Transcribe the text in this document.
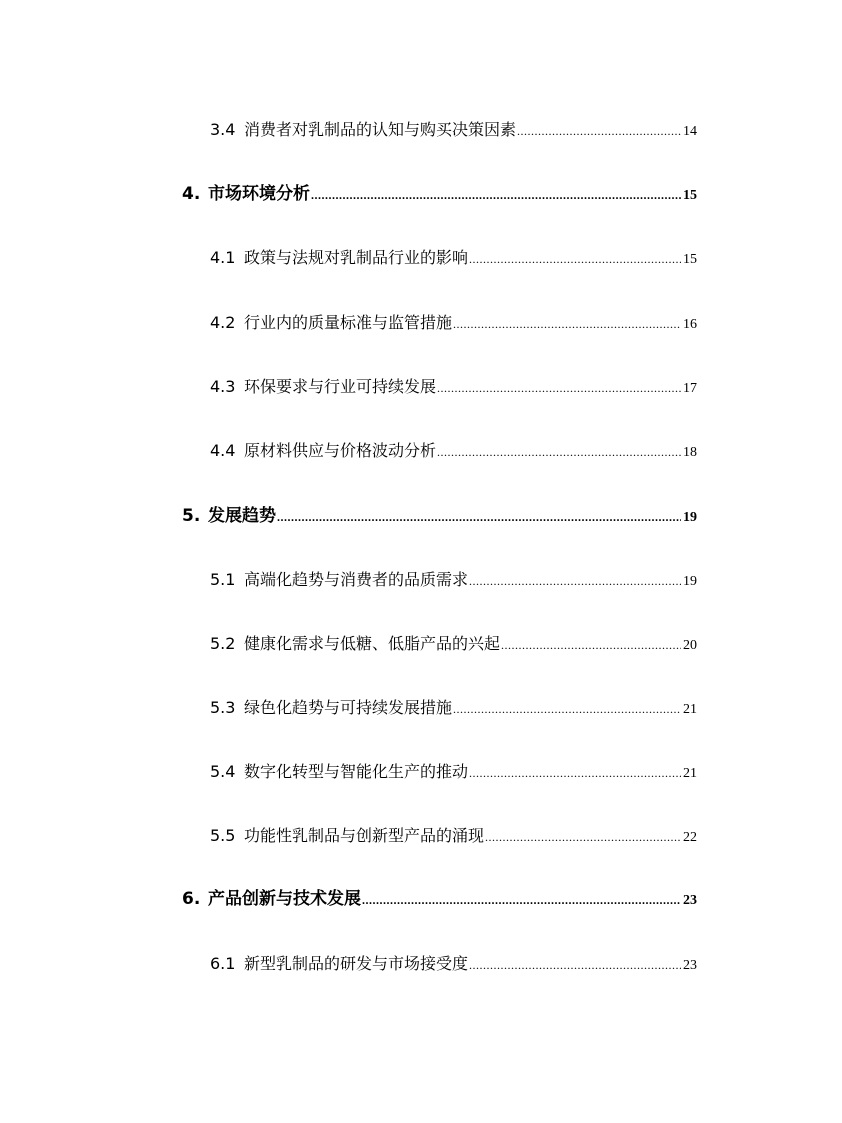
3.4 消费者对乳制品的认知与购买决策因素 .....	14
4. 市场环境分析 .....	15
4.1 政策与法规对乳制品行业的影响 .....	15
4.2 行业内的质量标准与监管措施 .....	16
4.3 环保要求与行业可持续发展 .....	17
4.4 原材料供应与价格波动分析 .....	18
5. 发展趋势 .....	19
5.1 高端化趋势与消费者的品质需求 .....	19
5.2 健康化需求与低糖、低脂产品的兴起 .....	20
5.3 绿色化趋势与可持续发展措施 .....	21
5.4 数字化转型与智能化生产的推动 .....	21
5.5 功能性乳制品与创新型产品的涌现 .....	22
6. 产品创新与技术发展 .....	23
6.1 新型乳制品的研发与市场接受度 .....	23
